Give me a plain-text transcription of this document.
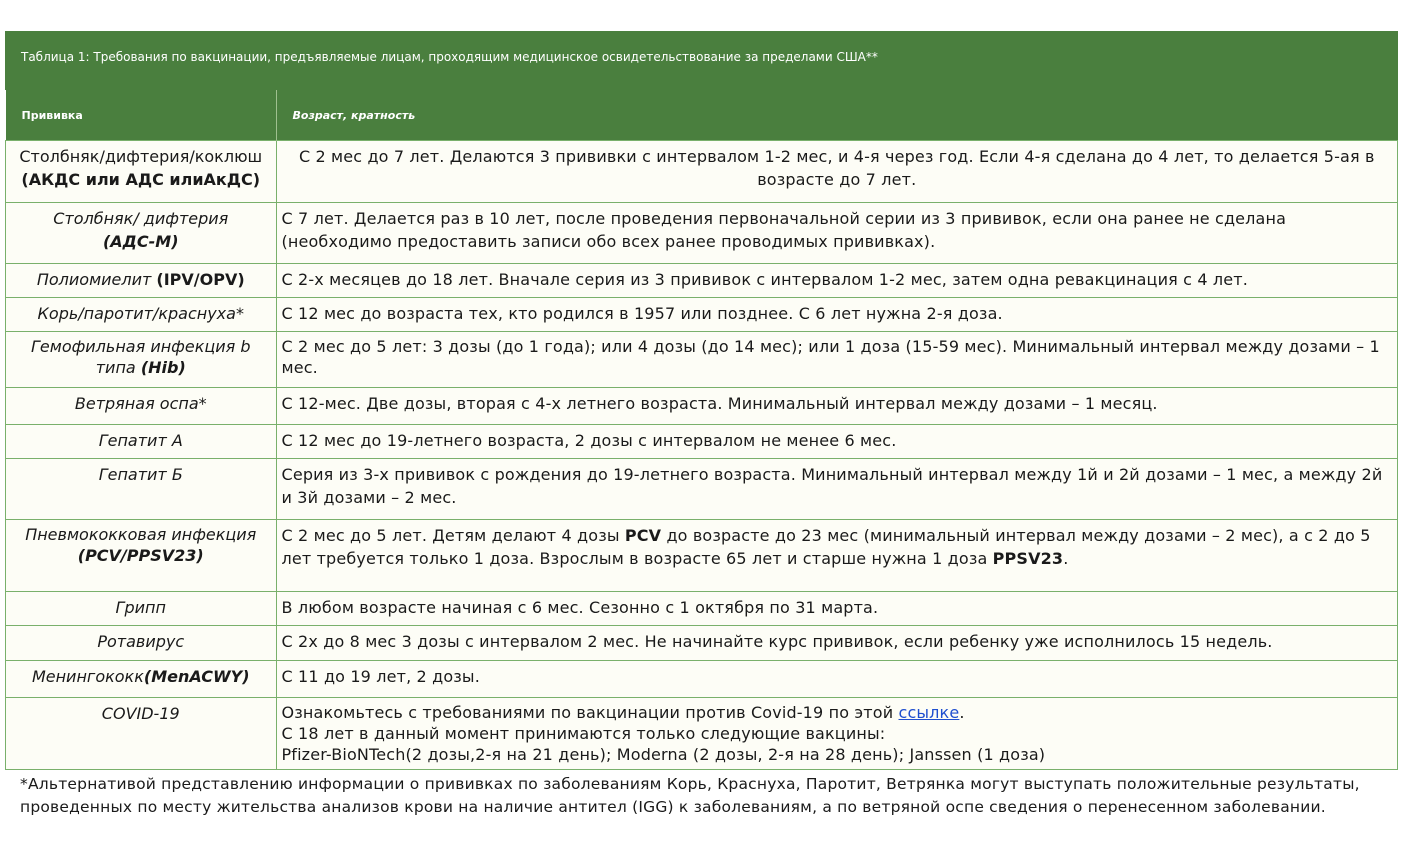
Таблица 1: Требования по вакцинации, предъявляемые лицам, проходящим медицинское освидетельствование за пределами США**
Прививка	Возраст, кратность
Столбняк/дифтерия/коклюш
(АКДС или АДС илиАкДС)	С 2 мес до 7 лет. Делаются 3 прививки с интервалом 1-2 мес, и 4-я через год. Если 4-я сделана до 4 лет, то делается 5-ая в возрасте до 7 лет.
Столбняк/ дифтерия
(АДС-М)	С 7 лет. Делается раз в 10 лет, после проведения первоначальной серии из 3 прививок, если она ранее не сделана (необходимо предоставить записи обо всех ранее проводимых прививках).
Полиомиелит (IPV/OPV)	С 2-х месяцев до 18 лет. Вначале серия из 3 прививок с интервалом 1-2 мес, затем одна ревакцинация с 4 лет.
Корь/паротит/краснуха*	С 12 мес до возраста тех, кто родился в 1957 или позднее. С 6 лет нужна 2-я доза.
Гемофильная инфекция b типа (Hib)	С 2 мес до 5 лет: 3 дозы (до 1 года); или 4 дозы (до 14 мес); или 1 доза (15-59 мес). Минимальный интервал между дозами – 1 мес.
Ветряная оспа*	С 12-мес. Две дозы, вторая с 4-х летнего возраста. Минимальный интервал между дозами – 1 месяц.
Гепатит А	С 12 мес до 19-летнего возраста, 2 дозы с интервалом не менее 6 мес.
Гепатит Б	Серия из 3-х прививок с рождения до 19-летнего возраста. Минимальный интервал между 1й и 2й дозами – 1 мес, а между 2й и 3й дозами – 2 мес.
Пневмококковая инфекция
(PCV/PPSV23)	С 2 мес до 5 лет. Детям делают 4 дозы PCV до возрасте до 23 мес (минимальный интервал между дозами – 2 мес), а с 2 до 5 лет требуется только 1 доза. Взрослым в возрасте 65 лет и старше нужна 1 доза PPSV23.
Грипп	В любом возрасте начиная с 6 мес. Сезонно с 1 октября по 31 марта.
Ротавирус	С 2х до 8 мес 3 дозы с интервалом 2 мес. Не начинайте курс прививок, если ребенку уже исполнилось 15 недель.
Менингококк(MenACWY)	С 11 до 19 лет, 2 дозы.
COVID-19	Ознакомьтесь с требованиями по вакцинации против Covid-19 по этой ссылке.
С 18 лет в данный момент принимаются только следующие вакцины:
Pfizer-BioNTech(2 дозы,2-я на 21 день); Moderna (2 дозы, 2-я на 28 день); Janssen (1 доза)
*Альтернативой представлению информации о прививках по заболеваниям Корь, Краснуха, Паротит, Ветрянка могут выступать положительные результаты, проведенных по месту жительства анализов крови на наличие антител (IGG) к заболеваниям, а по ветряной оспе сведения о перенесенном заболевании.
